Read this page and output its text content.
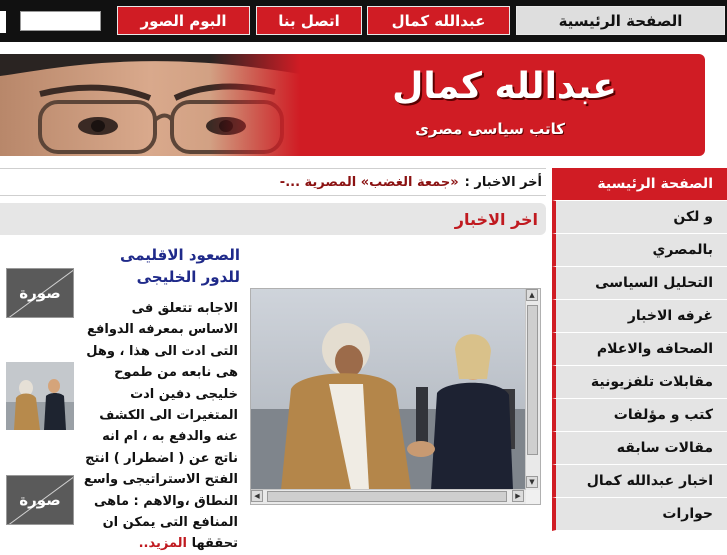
الصفحة الرئيسية
عبدالله كمال
اتصل بنا
البوم الصور
عبدالله كمال
كاتب سياسى مصرى
أخر الاخبار :
«جمعة الغضب» المصرية ...-
اخر الاخبار
الصفحة الرئيسية
و لكن
بالمصري
التحليل السياسى
غرفه الاخبار
الصحافه والاعلام
مقابلات تلفزيونية
كتب و مؤلفات
مقالات سابقه
اخبار عبدالله كمال
حوارات
الصعود الاقليمى للدور الخليجى
الاجابه تتعلق فى الاساس بمعرفه الدوافع التى ادت الى هذا ، وهل هى نابعه من طموح خليجى دفين ادت المتغيرات الى الكشف عنه والدفع به ، ام انه ناتج عن ( اضطرار ) انتج الفتح الاستراتيجى واسع النطاق ،والاهم : ماهى المنافع التى يمكن ان تحققها المزيد..
صورة
صورة
▲
▼
◀	▶
